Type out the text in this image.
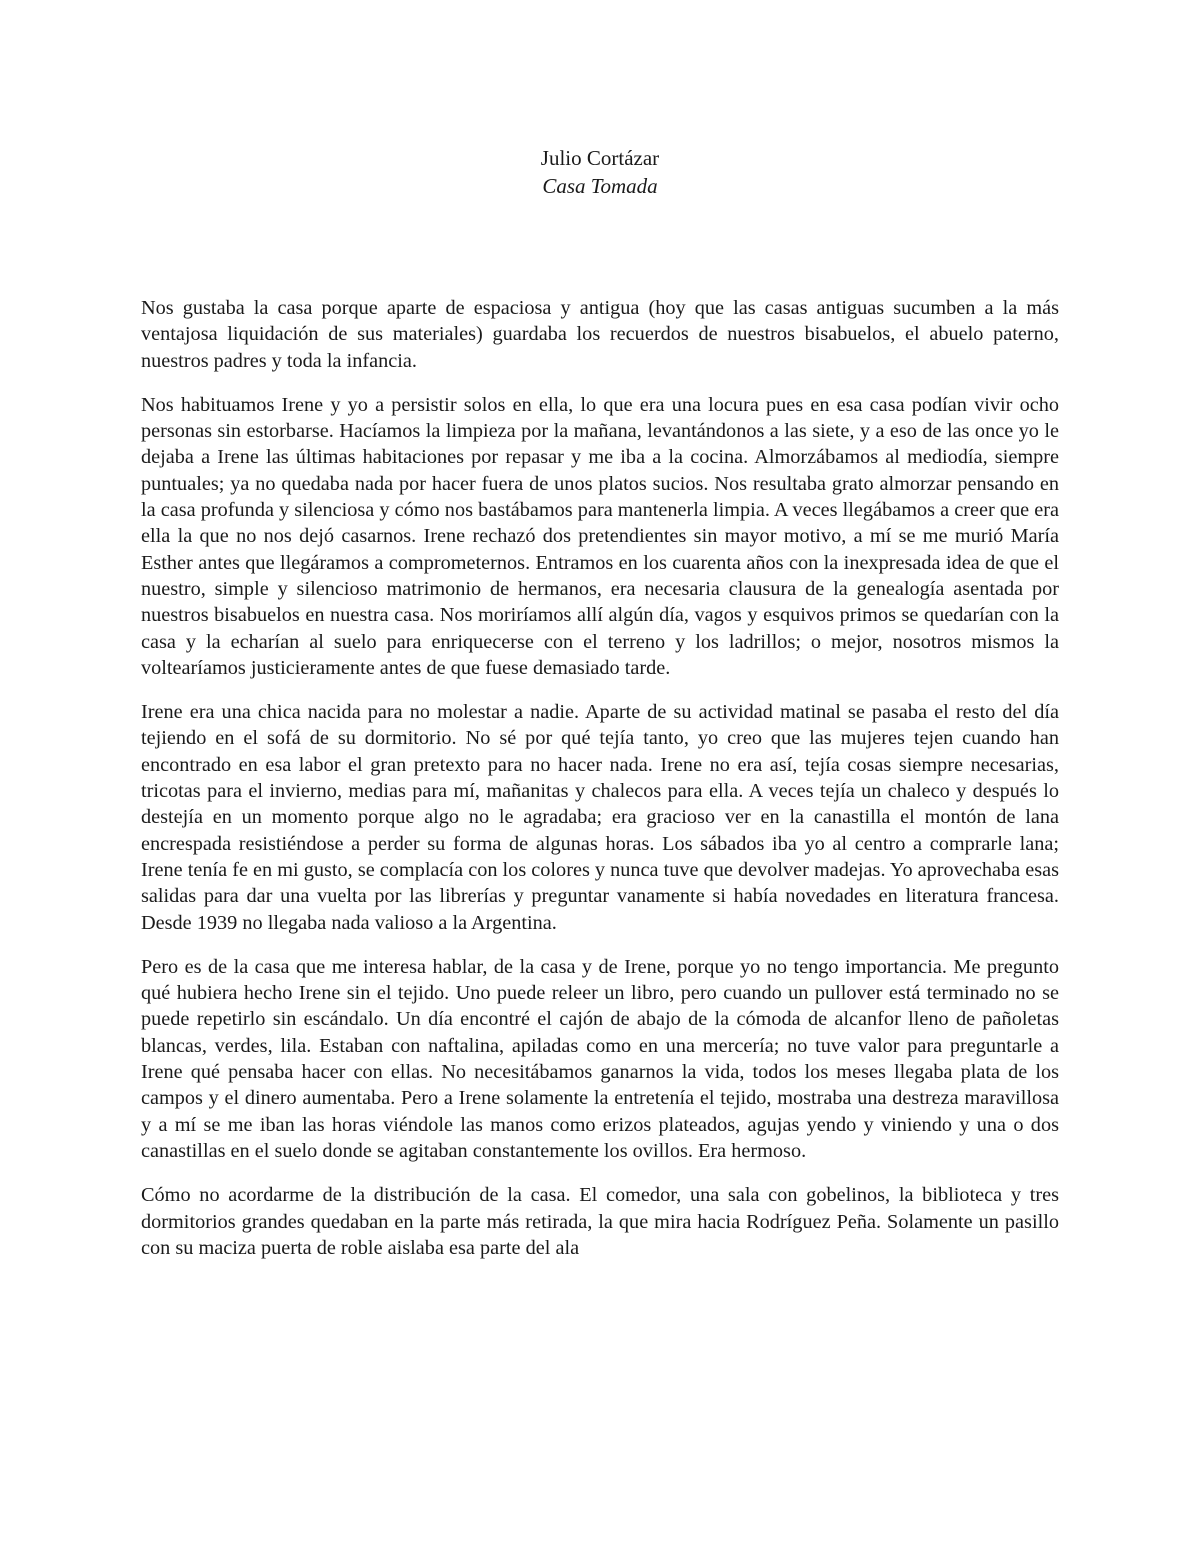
Julio Cortázar
Casa Tomada

Nos gustaba la casa porque aparte de espaciosa y antigua (hoy que las casas antiguas sucumben a la más ventajosa liquidación de sus materiales) guardaba los recuerdos de nuestros bisabuelos, el abuelo paterno, nuestros padres y toda la infancia.

Nos habituamos Irene y yo a persistir solos en ella, lo que era una locura pues en esa casa podían vivir ocho personas sin estorbarse. Hacíamos la limpieza por la mañana, levantándonos a las siete, y a eso de las once yo le dejaba a Irene las últimas habitaciones por repasar y me iba a la cocina. Almorzábamos al mediodía, siempre puntuales; ya no quedaba nada por hacer fuera de unos platos sucios. Nos resultaba grato almorzar pensando en la casa profunda y silenciosa y cómo nos bastábamos para mantenerla limpia. A veces llegábamos a creer que era ella la que no nos dejó casarnos. Irene rechazó dos pretendientes sin mayor motivo, a mí se me murió María Esther antes que llegáramos a comprometernos. Entramos en los cuarenta años con la inexpresada idea de que el nuestro, simple y silencioso matrimonio de hermanos, era necesaria clausura de la genealogía asentada por nuestros bisabuelos en nuestra casa. Nos moriríamos allí algún día, vagos y esquivos primos se quedarían con la casa y la echarían al suelo para enriquecerse con el terreno y los ladrillos; o mejor, nosotros mismos la voltearíamos justicieramente antes de que fuese demasiado tarde.

Irene era una chica nacida para no molestar a nadie. Aparte de su actividad matinal se pasaba el resto del día tejiendo en el sofá de su dormitorio. No sé por qué tejía tanto, yo creo que las mujeres tejen cuando han encontrado en esa labor el gran pretexto para no hacer nada. Irene no era así, tejía cosas siempre necesarias, tricotas para el invierno, medias para mí, mañanitas y chalecos para ella. A veces tejía un chaleco y después lo destejía en un momento porque algo no le agradaba; era gracioso ver en la canastilla el montón de lana encrespada resistiéndose a perder su forma de algunas horas. Los sábados iba yo al centro a comprarle lana; Irene tenía fe en mi gusto, se complacía con los colores y nunca tuve que devolver madejas. Yo aprovechaba esas salidas para dar una vuelta por las librerías y preguntar vanamente si había novedades en literatura francesa. Desde 1939 no llegaba nada valioso a la Argentina.

Pero es de la casa que me interesa hablar, de la casa y de Irene, porque yo no tengo importancia. Me pregunto qué hubiera hecho Irene sin el tejido. Uno puede releer un libro, pero cuando un pullover está terminado no se puede repetirlo sin escándalo. Un día encontré el cajón de abajo de la cómoda de alcanfor lleno de pañoletas blancas, verdes, lila. Estaban con naftalina, apiladas como en una mercería; no tuve valor para preguntarle a Irene qué pensaba hacer con ellas. No necesitábamos ganarnos la vida, todos los meses llegaba plata de los campos y el dinero aumentaba. Pero a Irene solamente la entretenía el tejido, mostraba una destreza maravillosa y a mí se me iban las horas viéndole las manos como erizos plateados, agujas yendo y viniendo y una o dos canastillas en el suelo donde se agitaban constantemente los ovillos. Era hermoso.

Cómo no acordarme de la distribución de la casa. El comedor, una sala con gobelinos, la biblioteca y tres dormitorios grandes quedaban en la parte más retirada, la que mira hacia Rodríguez Peña. Solamente un pasillo con su maciza puerta de roble aislaba esa parte del ala
